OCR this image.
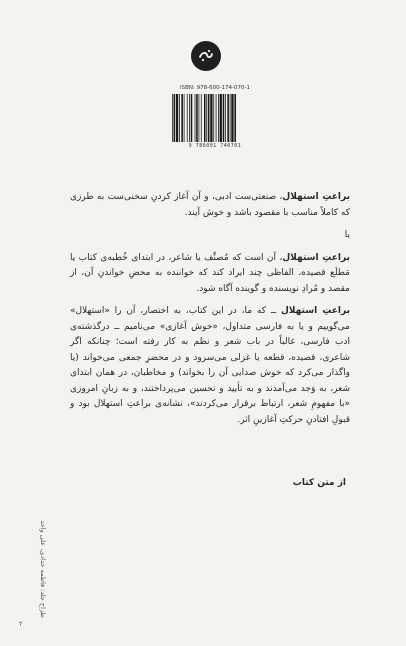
ISBN: 978-600-174-070-1
9 786001 740701

براعتِ استهلال، صنعتی‌ست ادبی، و آن آغاز کردنِ سخنی‌ست به طرزی که کاملاً مناسب با مقصود باشد و خوش آیند.

یا

براعتِ استهلال، آن است که مُصنِّف یا شاعر، در ابتدای خُطبه‌ی کتاب یا مَطلَع قصیده، الفاظی چند ایراد کند که خواننده به محضِ خواندنِ آن، از مقصد و مُرادِ نویسنده و گوینده آگاه شود.

براعتِ استهلال ــ که ما، در این کتاب، به اختصار، آن را «استهلال» می‌گوییم و یا به فارسی متداول، «خوش آغازی» می‌نامیم ــ درگذشته‌ی ادب فارسی، غالباً در باب شعر و نظم به کار رفته است؛ چنانکه اگر شاعری، قصیده، قطعه یا غزلی می‌سرود و در محضرِ جمعی می‌خواند (یا واگذار می‌کرد که خوش صدایی آن را بخواند) و مخاطبان، در همان ابتدای شعر، به وَجد می‌آمدند و به تأیید و تحسین می‌پرداختند، و به زبانِ امروزی «با مفهومِ شعر، ارتباط برقرار می‌کردند»، نشانه‌ی براعتِ استهلال بود و قبولِ افتادنِ حرکتِ آغازینِ اثر.

از متن کتاب
طراح جلد: فاطمه خدادی، علی واحد
۲
